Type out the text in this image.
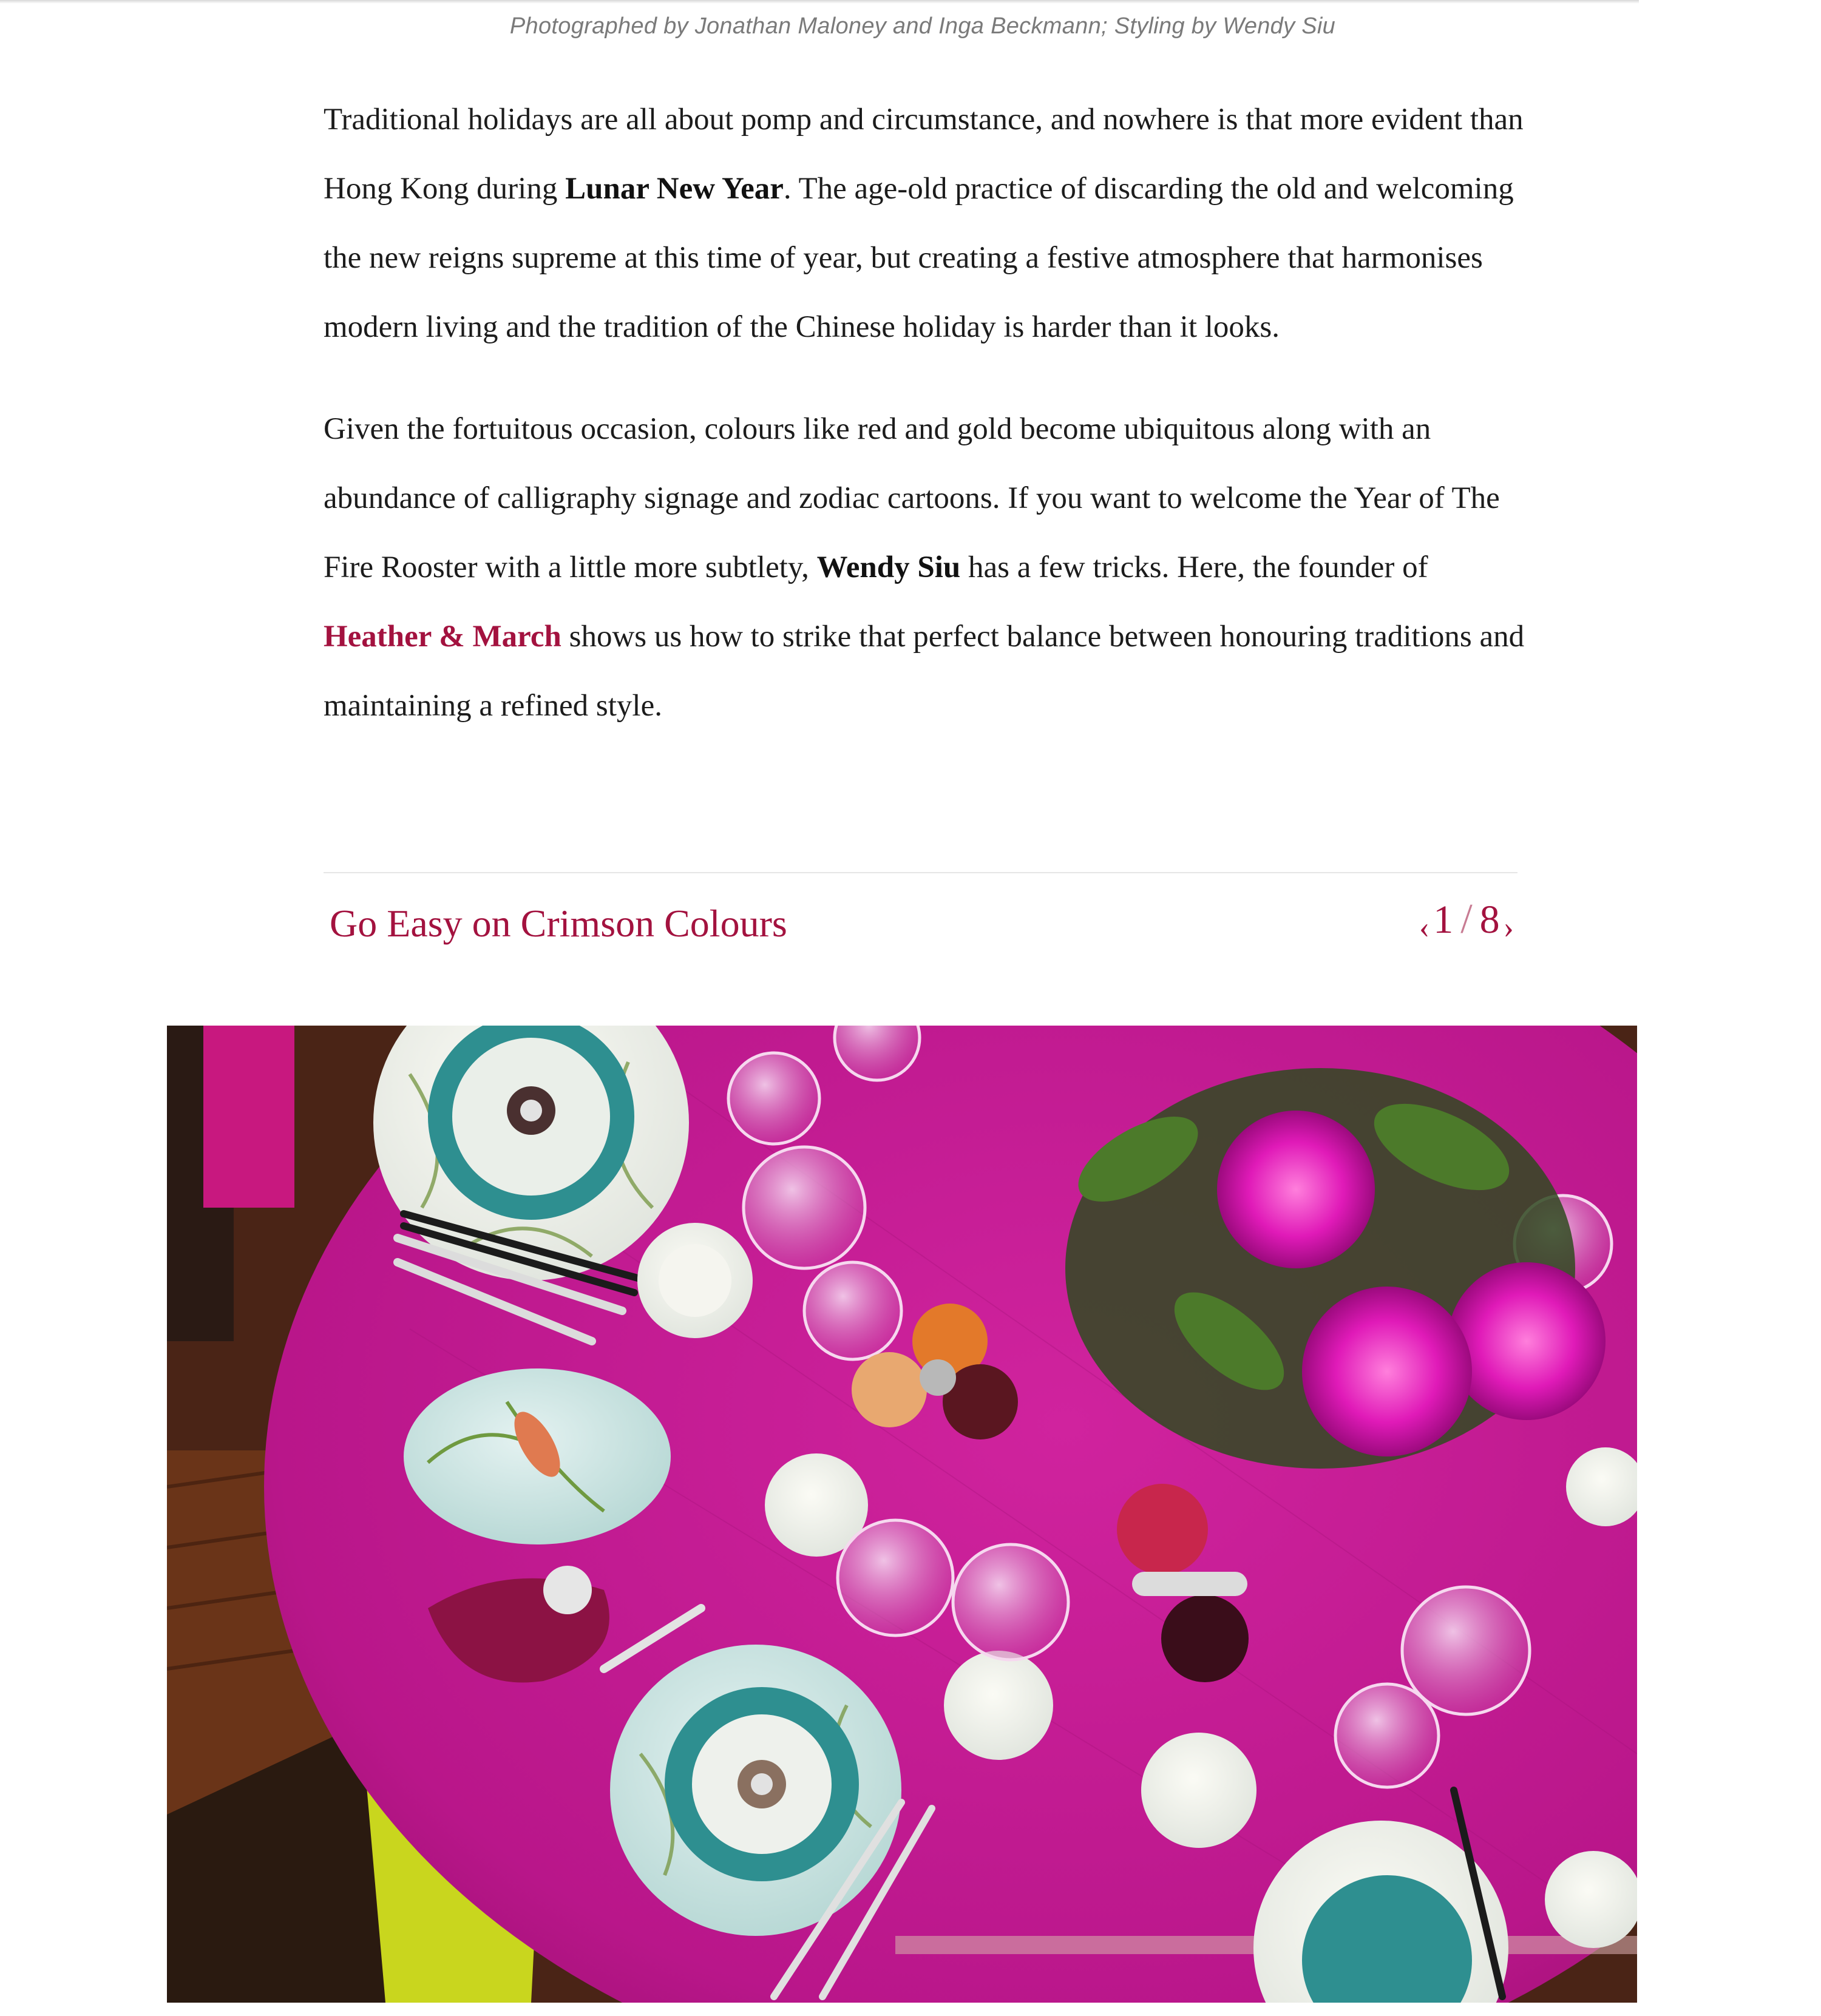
Photographed by Jonathan Maloney and Inga Beckmann; Styling by Wendy Siu

Traditional holidays are all about pomp and circumstance, and nowhere is that more evident than Hong Kong during Lunar New Year. The age-old practice of discarding the old and welcoming the new reigns supreme at this time of year, but creating a festive atmosphere that harmonises modern living and the tradition of the Chinese holiday is harder than it looks.

Given the fortuitous occasion, colours like red and gold become ubiquitous along with an abundance of calligraphy signage and zodiac cartoons. If you want to welcome the Year of The Fire Rooster with a little more subtlety, Wendy Siu has a few tricks. Here, the founder of Heather & March shows us how to strike that perfect balance between honouring traditions and maintaining a refined style.

Go Easy on Crimson Colours	‹ 1 / 8 ›
